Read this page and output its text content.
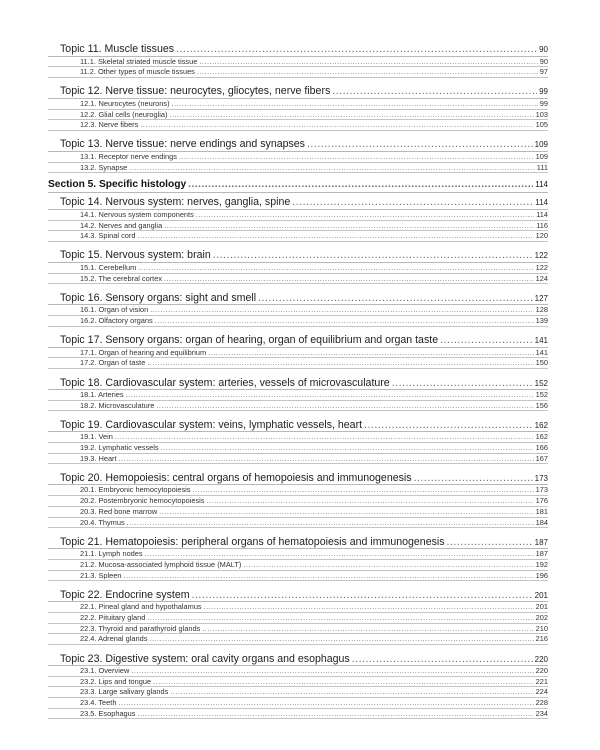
Topic 11. Muscle tissues .....	90
11.1. Skeletal striated muscle tissue .....	90
11.2. Other types of muscle tissues .....	97
Topic 12. Nerve tissue: neurocytes, gliocytes, nerve fibers .....	99
12.1. Neurocytes (neurons) .....	99
12.2. Glial cells (neuroglia) .....	103
12.3. Nerve fibers .....	105
Topic 13. Nerve tissue: nerve endings and synapses .....	109
13.1. Receptor nerve endings .....	109
13.2. Synapse .....	111
Section 5. Specific histology .....	114
Topic 14. Nervous system: nerves, ganglia, spine .....	114
14.1. Nervous system components .....	114
14.2. Nerves and ganglia .....	116
14.3. Spinal cord .....	120
Topic 15. Nervous system: brain .....	122
15.1. Cerebellum .....	122
15.2. The cerebral cortex .....	124
Topic 16. Sensory organs: sight and smell .....	127
16.1. Organ of vision .....	128
16.2. Olfactory organs .....	139
Topic 17. Sensory organs: organ of hearing, organ of equilibrium and organ taste .....	141
17.1. Organ of hearing and equilibrium .....	141
17.2. Organ of taste .....	150
Topic 18. Cardiovascular system: arteries, vessels of microvasculature .....	152
18.1. Arteries .....	152
18.2. Microvasculature .....	156
Topic 19. Cardiovascular system: veins, lymphatic vessels, heart .....	162
19.1. Vein .....	162
19.2. Lymphatic vessels .....	166
19.3. Heart .....	167
Topic 20. Hemopoiesis: central organs of hemopoiesis and immunogenesis .....	173
20.1. Embryonic hemocytopoiesis .....	173
20.2. Postembryonic hemocytopoiesis .....	176
20.3. Red bone marrow .....	181
20.4. Thymus .....	184
Topic 21. Hematopoiesis: peripheral organs of hematopoiesis and immunogenesis .....	187
21.1. Lymph nodes .....	187
21.2. Mucosa-associated lymphoid tissue (MALT) .....	192
21.3. Spleen .....	196
Topic 22. Endocrine system .....	201
22.1. Pineal gland and hypothalamus .....	201
22.2. Pituitary gland .....	202
22.3. Thyroid and parathyroid glands .....	210
22.4. Adrenal glands .....	216
Topic 23. Digestive system: oral cavity organs and esophagus .....	220
23.1. Overview .....	220
23.2. Lips and tongue .....	221
23.3. Large salivary glands .....	224
23.4. Teeth .....	228
23.5. Esophagus .....	234
